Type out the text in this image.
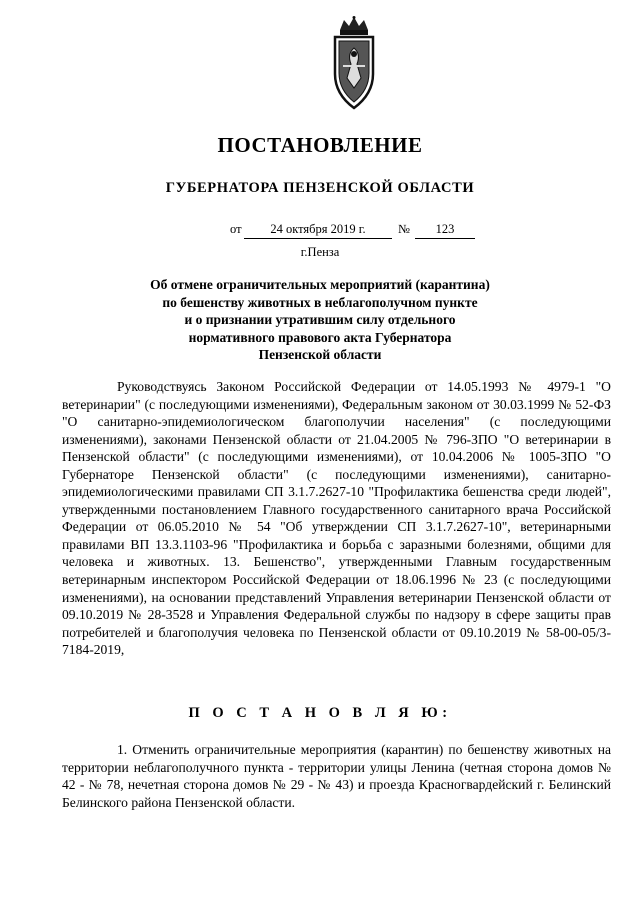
ПОСТАНОВЛЕНИЕ
ГУБЕРНАТОРА ПЕНЗЕНСКОЙ ОБЛАСТИ
от	24 октября 2019 г.	№	123
г.Пенза
Об отмене ограничительных мероприятий (карантина)
по бешенству животных в неблагополучном пункте
и о признании утратившим силу отдельного
нормативного правового акта Губернатора
Пензенской области
Руководствуясь Законом Российской Федерации от 14.05.1993 № 4979-1 "О ветеринарии" (с последующими изменениями), Федеральным законом от 30.03.1999 № 52-ФЗ "О санитарно-эпидемиологическом благополучии населения" (с последующими изменениями), законами Пензенской области от 21.04.2005 № 796-ЗПО "О ветеринарии в Пензенской области" (с последующими изменениями), от 10.04.2006 № 1005-ЗПО "О Губернаторе Пензенской области" (с последующими изменениями), санитарно-эпидемиологическими правилами СП 3.1.7.2627-10 "Профилактика бешенства среди людей", утвержденными постановлением Главного государственного санитарного врача Российской Федерации от 06.05.2010 № 54 "Об утверждении СП 3.1.7.2627-10", ветеринарными правилами ВП 13.3.1103-96 "Профилактика и борьба с заразными болезнями, общими для человека и животных. 13. Бешенство", утвержденными Главным государственным ветеринарным инспектором Российской Федерации от 18.06.1996 № 23 (с последующими изменениями), на основании представлений Управления ветеринарии Пензенской области от 09.10.2019 № 28-3528 и Управления Федеральной службы по надзору в сфере защиты прав потребителей и благополучия человека по Пензенской области от 09.10.2019 № 58-00-05/3-7184-2019,
П О С Т А Н О В Л Я Ю:
1. Отменить ограничительные мероприятия (карантин) по бешенству животных на территории неблагополучного пункта - территории улицы Ленина (четная сторона домов № 42 - № 78, нечетная сторона домов № 29 - № 43) и проезда Красногвардейский г. Белинский Белинского района Пензенской области.
